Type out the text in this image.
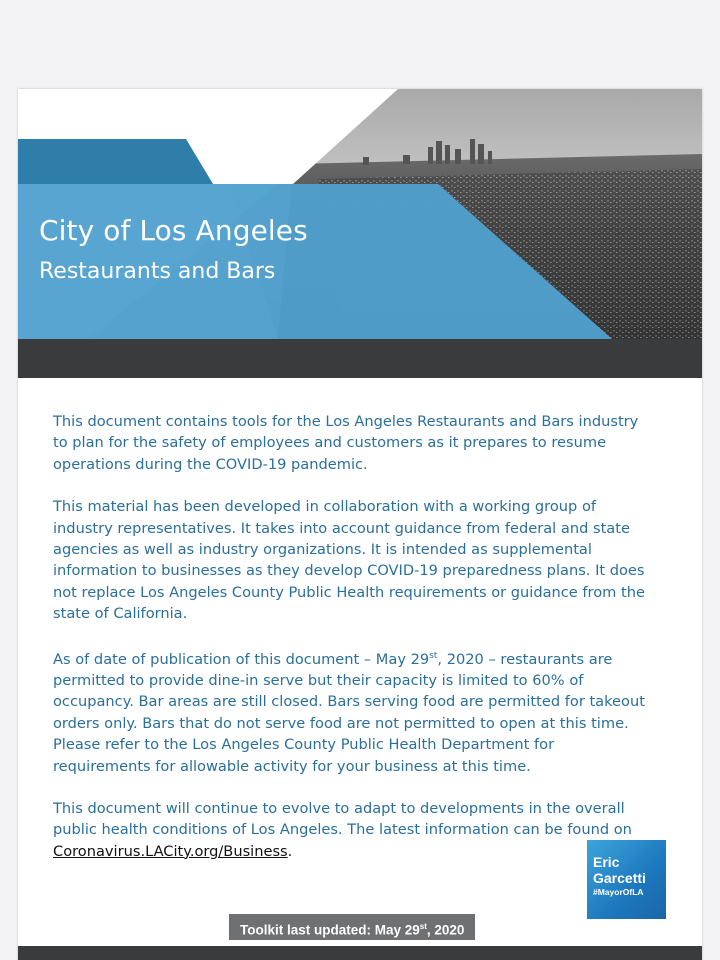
City of Los Angeles
Restaurants and Bars

This document contains tools for the Los Angeles Restaurants and Bars industry to plan for the safety of employees and customers as it prepares to resume operations during the COVID-19 pandemic.

This material has been developed in collaboration with a working group of industry representatives. It takes into account guidance from federal and state agencies as well as industry organizations. It is intended as supplemental information to businesses as they develop COVID-19 preparedness plans. It does not replace Los Angeles County Public Health requirements or guidance from the state of California.

As of date of publication of this document – May 29st, 2020 – restaurants are permitted to provide dine-in serve but their capacity is limited to 60% of occupancy. Bar areas are still closed. Bars serving food are permitted for takeout orders only. Bars that do not serve food are not permitted to open at this time. Please refer to the Los Angeles County Public Health Department for requirements for allowable activity for your business at this time.

This document will continue to evolve to adapt to developments in the overall public health conditions of Los Angeles. The latest information can be found on
Coronavirus.LACity.org/Business.

Eric
Garcetti
#MayorOfLA
Toolkit last updated: May 29st, 2020
